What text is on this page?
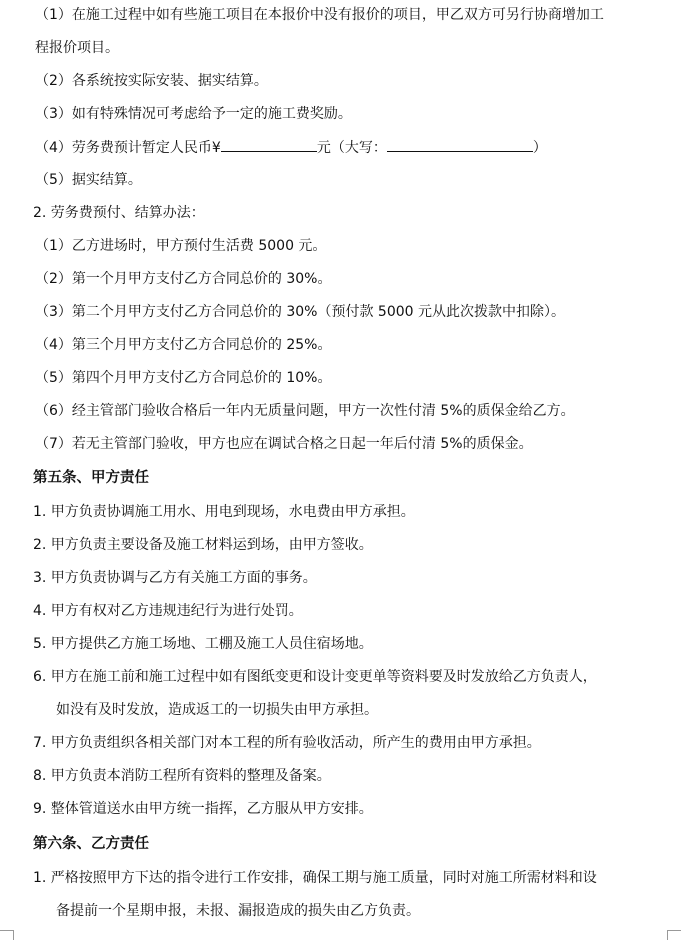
（1）在施工过程中如有些施工项目在本报价中没有报价的项目，甲乙双方可另行协商增加工
程报价项目。
（2）各系统按实际安装、据实结算。
（3）如有特殊情况可考虑给予一定的施工费奖励。
（4）劳务费预计暂定人民币¥	元（大写：	）
（5）据实结算。
2. 劳务费预付、结算办法：
（1）乙方进场时，甲方预付生活费 5000 元。
（2）第一个月甲方支付乙方合同总价的 30%。
（3）第二个月甲方支付乙方合同总价的 30%（预付款 5000 元从此次拨款中扣除）。
（4）第三个月甲方支付乙方合同总价的 25%。
（5）第四个月甲方支付乙方合同总价的 10%。
（6）经主管部门验收合格后一年内无质量问题，甲方一次性付清 5%的质保金给乙方。
（7）若无主管部门验收，甲方也应在调试合格之日起一年后付清 5%的质保金。
第五条、甲方责任
1. 甲方负责协调施工用水、用电到现场，水电费由甲方承担。
2. 甲方负责主要设备及施工材料运到场，由甲方签收。
3. 甲方负责协调与乙方有关施工方面的事务。
4. 甲方有权对乙方违规违纪行为进行处罚。
5. 甲方提供乙方施工场地、工棚及施工人员住宿场地。
6. 甲方在施工前和施工过程中如有图纸变更和设计变更单等资料要及时发放给乙方负责人，
如没有及时发放，造成返工的一切损失由甲方承担。
7. 甲方负责组织各相关部门对本工程的所有验收活动，所产生的费用由甲方承担。
8. 甲方负责本消防工程所有资料的整理及备案。
9. 整体管道送水由甲方统一指挥，乙方服从甲方安排。
第六条、乙方责任
1. 严格按照甲方下达的指令进行工作安排，确保工期与施工质量，同时对施工所需材料和设
备提前一个星期申报，未报、漏报造成的损失由乙方负责。
